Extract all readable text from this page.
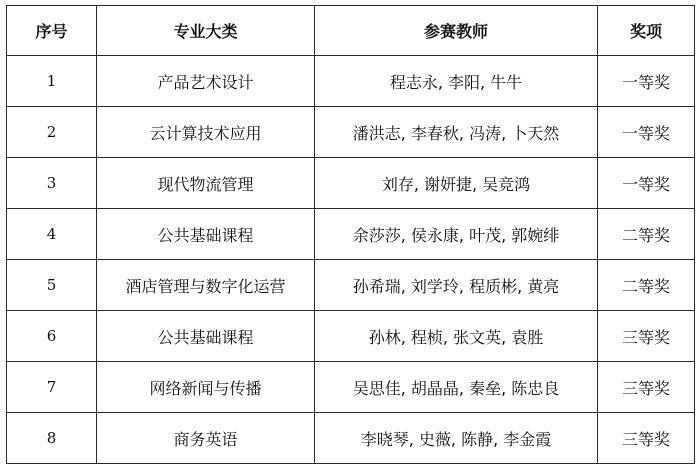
序号	专业大类	参赛教师	奖项
1	产品艺术设计	程志永, 李阳, 牛牛	一等奖
2	云计算技术应用	潘洪志, 李春秋, 冯涛, 卜天然	一等奖
3	现代物流管理	刘存, 谢妍捷, 吴竞鸿	一等奖
4	公共基础课程	余莎莎, 侯永康, 叶茂, 郭婉绯	二等奖
5	酒店管理与数字化运营	孙希瑞, 刘学玲, 程质彬, 黄亮	二等奖
6	公共基础课程	孙林, 程桢, 张文英, 袁胜	三等奖
7	网络新闻与传播	吴思佳, 胡晶晶, 秦垒, 陈忠良	三等奖
8	商务英语	李晓琴, 史薇, 陈静, 李金霞	三等奖
